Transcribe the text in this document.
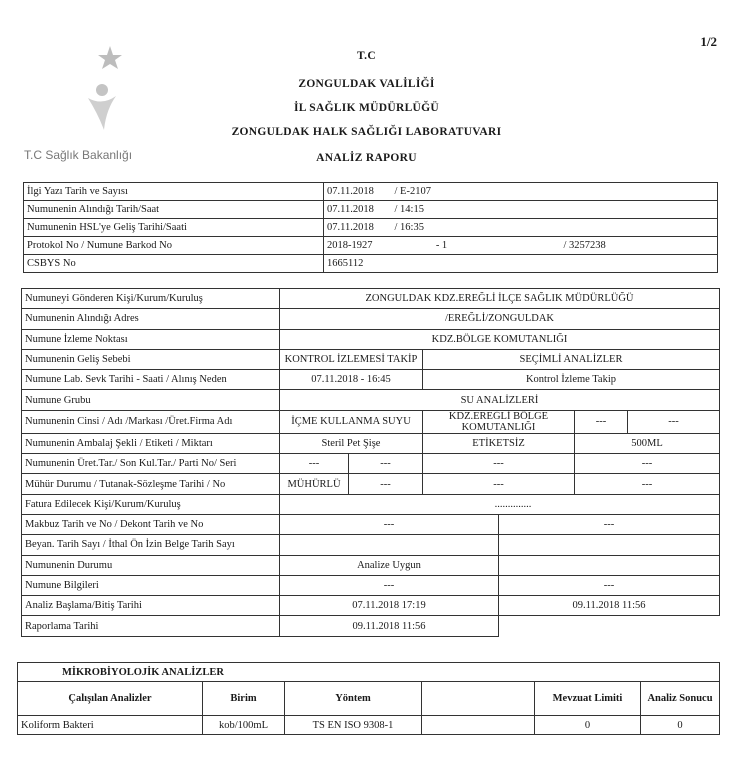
1/2
T.C Sağlık Bakanlığı
T.C
ZONGULDAK VALİLİĞİ
İL SAĞLIK MÜDÜRLÜĞÜ
ZONGULDAK HALK SAĞLIĞI LABORATUVARI
ANALİZ RAPORU
İlgi Yazı Tarih ve Sayısı	07.11.2018	/ E-2107	
Numunenin Alındığı Tarih/Saat	07.11.2018	/ 14:15	
Numunenin HSL'ye Geliş Tarihi/Saati	07.11.2018	/ 16:35	
Protokol No / Numune Barkod No	2018-1927	- 1	/ 3257238
CSBYS No	1665112		
Numuneyi Gönderen Kişi/Kurum/Kuruluş	ZONGULDAK KDZ.EREĞLİ İLÇE SAĞLIK MÜDÜRLÜĞÜ					
Numunenin Alındığı Adres	/EREĞLİ/ZONGULDAK					
Numune İzleme Noktası	KDZ.BÖLGE KOMUTANLIĞI					
Numunenin Geliş Sebebi	KONTROL İZLEMESİ TAKİP		SEÇİMLİ ANALİZLER			
Numune Lab. Sevk Tarihi - Saati / Alınış Neden	07.11.2018 - 16:45		Kontrol İzleme Takip			
Numune Grubu	SU ANALİZLERİ					
Numunenin Cinsi / Adı /Markası /Üret.Firma Adı	İÇME KULLANMA SUYU		KDZ.EREĞLİ BÖLGE KOMUTANLIĞI		---	---
Numunenin Ambalaj Şekli / Etiketi / Miktarı	Steril Pet Şişe		ETİKETSİZ		500ML	
Numunenin Üret.Tar./ Son Kul.Tar./ Parti No/ Seri	---	---	---		---	
Mühür Durumu / Tutanak-Sözleşme Tarihi / No	MÜHÜRLÜ	---	---		---	
Fatura Edilecek Kişi/Kurum/Kuruluş	..............					
Makbuz Tarih ve No / Dekont Tarih ve No	---			---		
Beyan. Tarih Sayı / İthal Ön İzin Belge Tarih Sayı						
Numunenin Durumu	Analize Uygun					
Numune Bilgileri	---			---		
Analiz Başlama/Bitiş Tarihi	07.11.2018 17:19			09.11.2018 11:56		
Raporlama Tarihi	09.11.2018 11:56					
MİKROBİYOLOJİK ANALİZLER					
Çalışılan Analizler	Birim	Yöntem		Mevzuat Limiti	Analiz Sonucu
Koliform Bakteri	kob/100mL	TS EN ISO 9308-1		0	0
